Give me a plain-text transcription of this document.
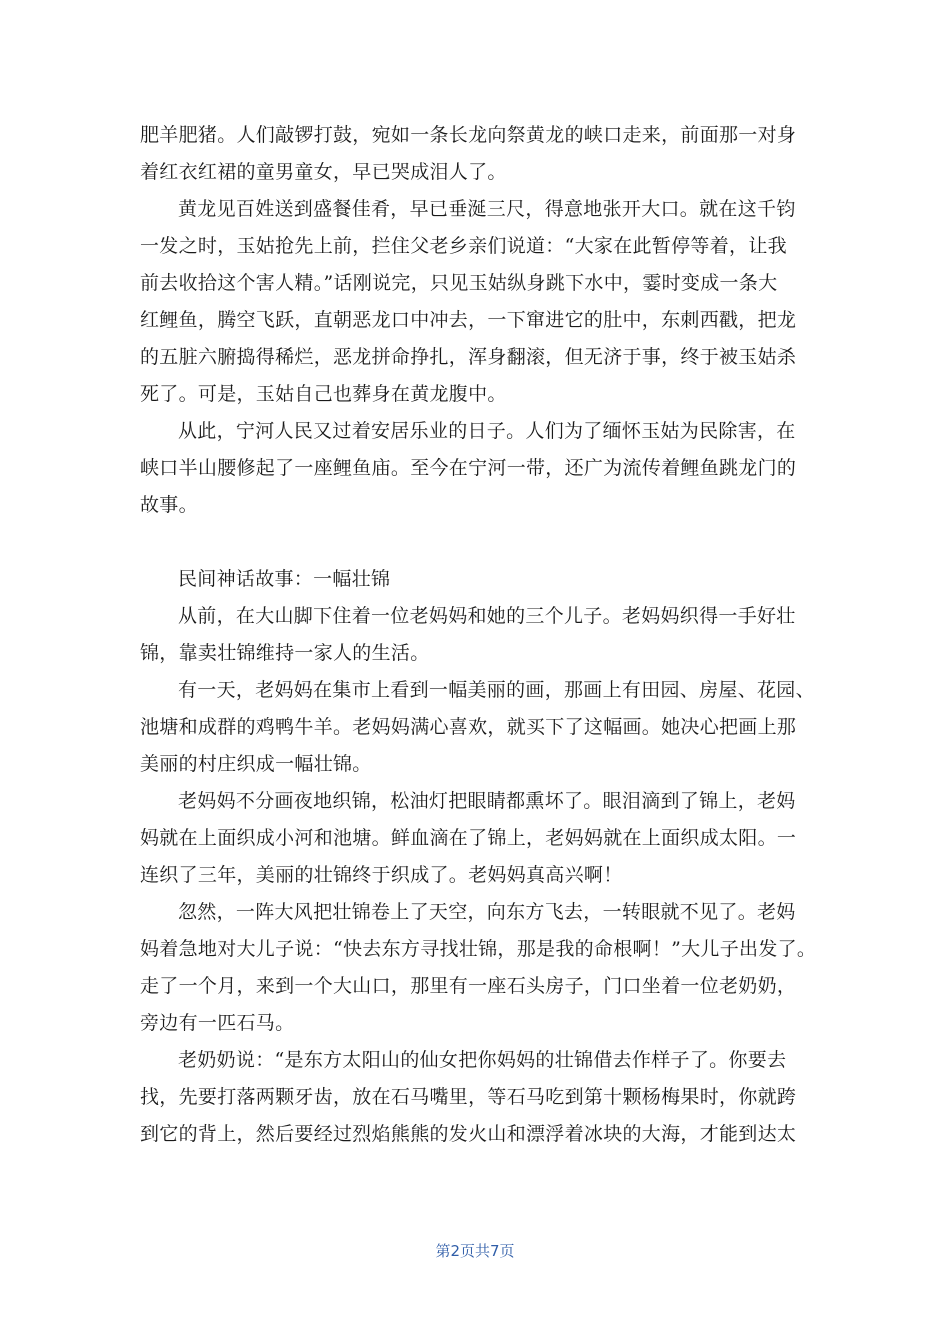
肥羊肥猪。人们敲锣打鼓，宛如一条长龙向祭黄龙的峡口走来，前面那一对身
着红衣红裙的童男童女，早已哭成泪人了。
黄龙见百姓送到盛餐佳肴，早已垂涎三尺，得意地张开大口。就在这千钧
一发之时，玉姑抢先上前，拦住父老乡亲们说道：“大家在此暂停等着，让我
前去收拾这个害人精。”话刚说完，只见玉姑纵身跳下水中，霎时变成一条大
红鲤鱼，腾空飞跃，直朝恶龙口中冲去，一下窜进它的肚中，东刺西戳，把龙
的五脏六腑捣得稀烂，恶龙拼命挣扎，浑身翻滚，但无济于事，终于被玉姑杀
死了。可是，玉姑自己也葬身在黄龙腹中。
从此，宁河人民又过着安居乐业的日子。人们为了缅怀玉姑为民除害，在
峡口半山腰修起了一座鲤鱼庙。至今在宁河一带，还广为流传着鲤鱼跳龙门的
故事。
民间神话故事：一幅壮锦
从前，在大山脚下住着一位老妈妈和她的三个儿子。老妈妈织得一手好壮
锦，靠卖壮锦维持一家人的生活。
有一天，老妈妈在集市上看到一幅美丽的画，那画上有田园、房屋、花园、
池塘和成群的鸡鸭牛羊。老妈妈满心喜欢，就买下了这幅画。她决心把画上那
美丽的村庄织成一幅壮锦。
老妈妈不分画夜地织锦，松油灯把眼睛都熏坏了。眼泪滴到了锦上，老妈
妈就在上面织成小河和池塘。鲜血滴在了锦上，老妈妈就在上面织成太阳。一
连织了三年，美丽的壮锦终于织成了。老妈妈真高兴啊！
忽然，一阵大风把壮锦卷上了天空，向东方飞去，一转眼就不见了。老妈
妈着急地对大儿子说：“快去东方寻找壮锦，那是我的命根啊！”大儿子出发了。
走了一个月，来到一个大山口，那里有一座石头房子，门口坐着一位老奶奶，
旁边有一匹石马。
老奶奶说：“是东方太阳山的仙女把你妈妈的壮锦借去作样子了。你要去
找，先要打落两颗牙齿，放在石马嘴里，等石马吃到第十颗杨梅果时，你就跨
到它的背上，然后要经过烈焰熊熊的发火山和漂浮着冰块的大海，才能到达太
第2页共7页
